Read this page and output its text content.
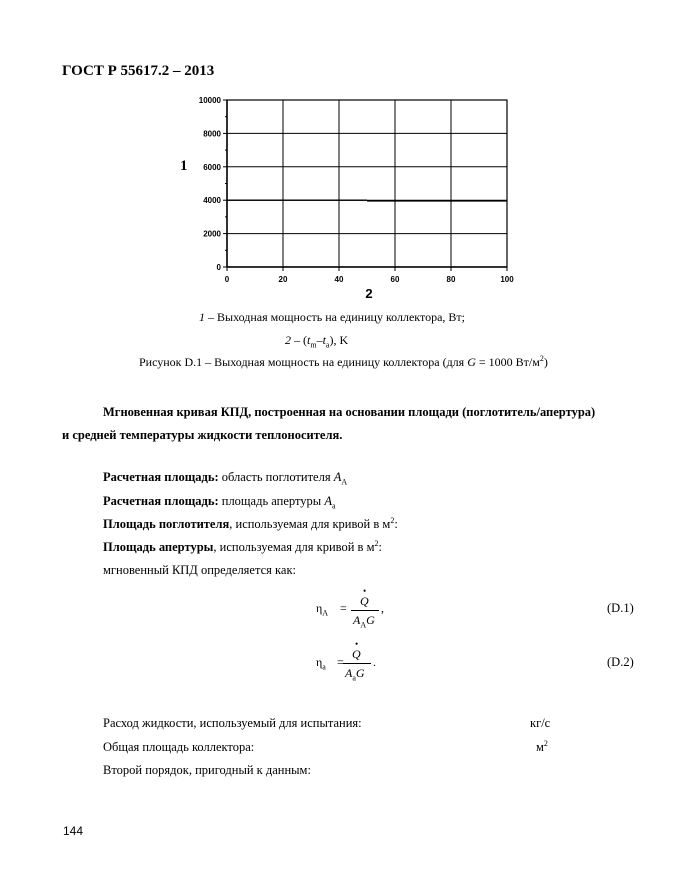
ГОСТ Р 55617.2 – 2013
0	20	40	60	80	100
0
2000
4000
6000
8000
10000
1
2
1 – Выходная мощность на единицу коллектора, Вт;
$2 - (t_m-t_a)$, K
Рисунок D.1 – Выходная мощность на единицу коллектора (для G = 1000 $Вт/м^2$)
Мгновенная кривая КПД, построенная на основании площади (поглотитель/апертура)
и средней температуры жидкости теплоносителя.
Расчетная площадь: область поглотителя $A_A$
Расчетная площадь: площадь апертуры $A_a$
Площадь поглотителя, используемая для кривой в $м^2$:
Площадь апертуры, используемая для кривой в $м^2$:
мгновенный КПД определяется как:
$\eta_A$ =
•
Q
$A_AG$
,	(D.1)
$\eta_a$ =
•
Q
$A_aG$
.	(D.2)
Расход жидкости, используемый для испытания:	кг/с
Общая площадь коллектора:	$м^2$
Второй порядок, пригодный к данным:
144
